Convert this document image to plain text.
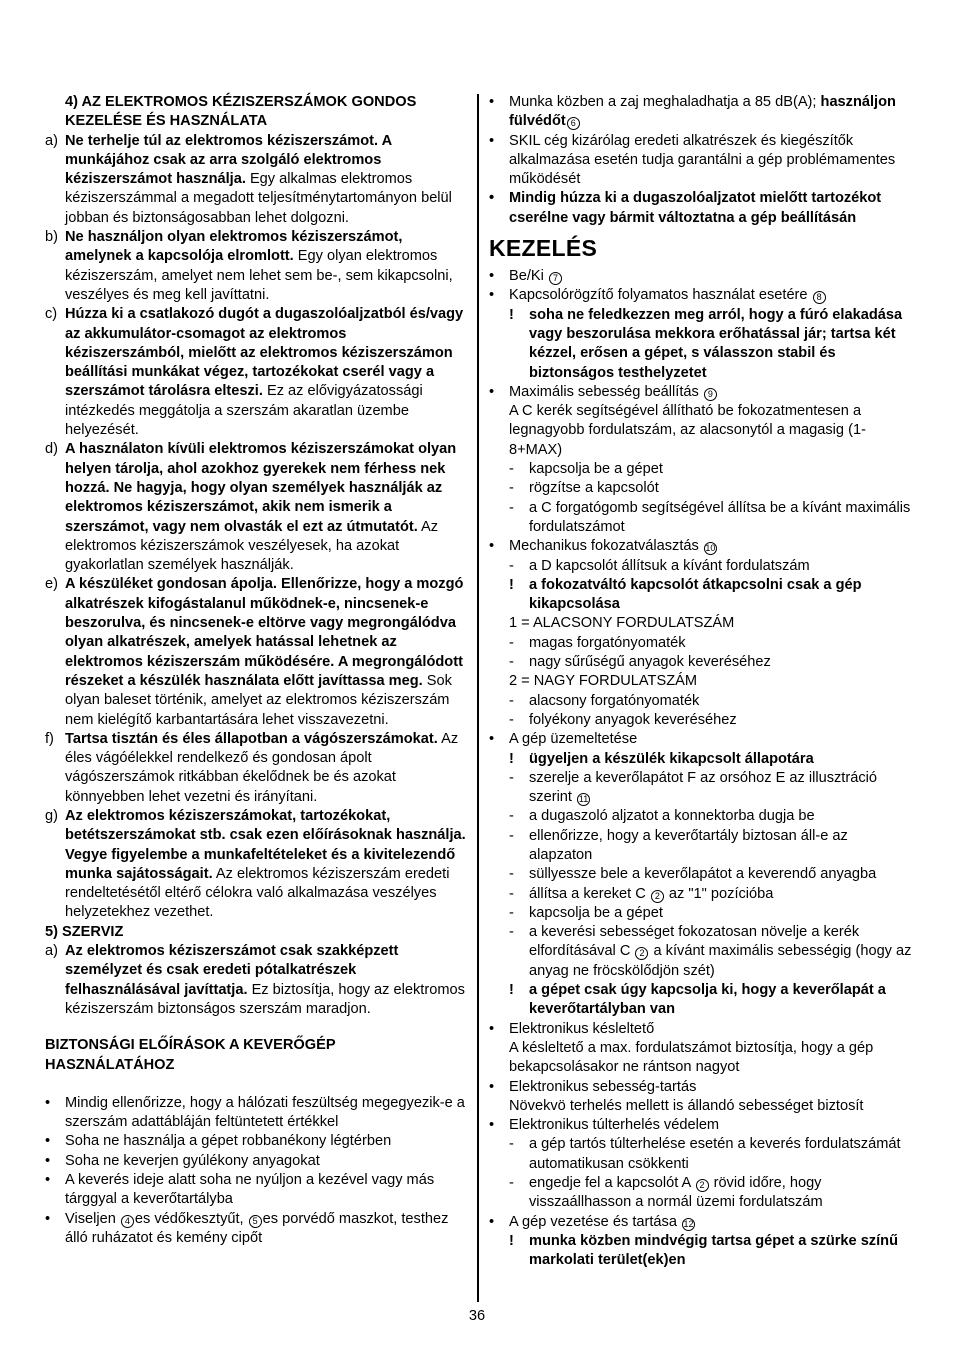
4) AZ ELEKTROMOS KÉZISZERSZÁMOK GONDOS KEZELÉSE ÉS HASZNÁLATA
a) Ne terhelje túl az elektromos kéziszerszámot. A munkájához csak az arra szolgáló elektromos kéziszerszámot használja. Egy alkalmas elektromos kéziszerszámmal a megadott teljesítménytartományon belül jobban és biztonságosabban lehet dolgozni.
b) Ne használjon olyan elektromos kéziszerszámot, amelynek a kapcsolója elromlott. Egy olyan elektromos kéziszerszám, amelyet nem lehet sem be-, sem kikapcsolni, veszélyes és meg kell javíttatni.
c) Húzza ki a csatlakozó dugót a dugaszolóaljzatból és/vagy az akkumulátor-csomagot az elektromos kéziszerszámból, mielőtt az elektromos kéziszerszámon beállítási munkákat végez, tartozékokat cserél vagy a szerszámot tárolásra elteszi. Ez az elővigyázatossági intézkedés meggátolja a szerszám akaratlan üzembe helyezését.
d) A használaton kívüli elektromos kéziszerszámokat olyan helyen tárolja, ahol azokhoz gyerekek nem férhess nek hozzá. Ne hagyja, hogy olyan személyek használják az elektromos kéziszerszámot, akik nem ismerik a szerszámot, vagy nem olvasták el ezt az útmutatót. Az elektromos kéziszerszámok veszélyesek, ha azokat gyakorlatlan személyek használják.
e) A készüléket gondosan ápolja. Ellenőrizze, hogy a mozgó alkatrészek kifogástalanul működnek-e, nincsenek-e beszorulva, és nincsenek-e eltörve vagy megrongálódva olyan alkatrészek, amelyek hatással lehetnek az elektromos kéziszerszám működésére. A megrongálódott részeket a készülék használata előtt javíttassa meg. Sok olyan baleset történik, amelyet az elektromos kéziszerszám nem kielégítő karbantartására lehet visszavezetni.
f) Tartsa tisztán és éles állapotban a vágószerszámokat. Az éles vágóélekkel rendelkező és gondosan ápolt vágószerszámok ritkábban ékelődnek be és azokat könnyebben lehet vezetni és irányítani.
g) Az elektromos kéziszerszámokat, tartozékokat, betétszerszámokat stb. csak ezen előírásoknak használja. Vegye figyelembe a munkafeltételeket és a kivitelezendő munka sajátosságait. Az elektromos kéziszerszám eredeti rendeltetésétől eltérő célokra való alkalmazása veszélyes helyzetekhez vezethet.
5) SZERVIZ
a) Az elektromos kéziszerszámot csak szakképzett személyzet és csak eredeti pótalkatrészek felhasználásával javíttatja. Ez biztosítja, hogy az elektromos kéziszerszám biztonságos szerszám maradjon.
BIZTONSÁGI ELŐÍRÁSOK A KEVERŐGÉP HASZNÁLATÁHOZ
• Mindig ellenőrizze, hogy a hálózati feszültség megegyezik-e a szerszám adattábláján feltüntetett értékkel
• Soha ne használja a gépet robbanékony légtérben
• Soha ne keverjen gyúlékony anyagokat
• A keverés ideje alatt soha ne nyúljon a kezével vagy más tárggyal a keverőtartályba
• Viseljen 4 es védőkesztyűt, 5 es porvédő maszkot, testhez álló ruházatot és kemény cipőt
• Munka közben a zaj meghaladhatja a 85 dB(A); használjon fülvédőt 6
• SKIL cég kizárólag eredeti alkatrészek és kiegészítők alkalmazása esetén tudja garantálni a gép problémamentes működését
• Mindig húzza ki a dugaszolóaljzatot mielőtt tartozékot cserélne vagy bármit változtatna a gép beállításán
KEZELÉS
• Be/Ki 7
• Kapcsolórögzítő folyamatos használat esetére 8
! soha ne feledkezzen meg arról, hogy a fúró elakadása vagy beszorulása mekkora erőhatással jár; tartsa két kézzel, erősen a gépet, s válasszon stabil és biztonságos testhelyzetet
• Maximális sebesség beállítás 9
A C kerék segítségével állítható be fokozatmentesen a legnagyobb fordulatszám, az alacsonytól a magasig (1-8+MAX)
- kapcsolja be a gépet
- rögzítse a kapcsolót
- a C forgatógomb segítségével állítsa be a kívánt maximális fordulatszámot
• Mechanikus fokozatválasztás 10
- a D kapcsolót állítsuk a kívánt fordulatszám
! a fokozatváltó kapcsolót átkapcsolni csak a gép kikapcsolása
1 = ALACSONY FORDULATSZÁM
- magas forgatónyomaték
- nagy sűrűségű anyagok keveréséhez
2 = NAGY FORDULATSZÁM
- alacsony forgatónyomaték
- folyékony anyagok keveréséhez
• A gép üzemeltetése
! ügyeljen a készülék kikapcsolt állapotára
- szerelje a keverőlapátot F az orsóhoz E az illusztráció szerint 11
- a dugaszoló aljzatot a konnektorba dugja be
- ellenőrizze, hogy a keverőtartály biztosan áll-e az alapzaton
- süllyessze bele a keverőlapátot a keverendő anyagba
- állítsa a kereket C 2 az "1" pozícióba
- kapcsolja be a gépet
- a keverési sebességet fokozatosan növelje a kerék elfordításával C 2 a kívánt maximális sebességig (hogy az anyag ne fröcskölődjön szét)
! a gépet csak úgy kapcsolja ki, hogy a keverőlapát a keverőtartályban van
• Elektronikus késleltető
A késleltető a max. fordulatszámot biztosítja, hogy a gép bekapcsolásakor ne rántson nagyot
• Elektronikus sebesség-tartás
Növekvö terhelés mellett is állandó sebességet biztosít
• Elektronikus túlterhelés védelem
- a gép tartós túlterhelése esetén a keverés fordulatszámát automatikusan csökkenti
- engedje fel a kapcsolót A 2 rövid időre, hogy visszaállhasson a normál üzemi fordulatszám
• A gép vezetése és tartása 12
! munka közben mindvégig tartsa gépet a szürke színű markolati terület(ek)en
36
